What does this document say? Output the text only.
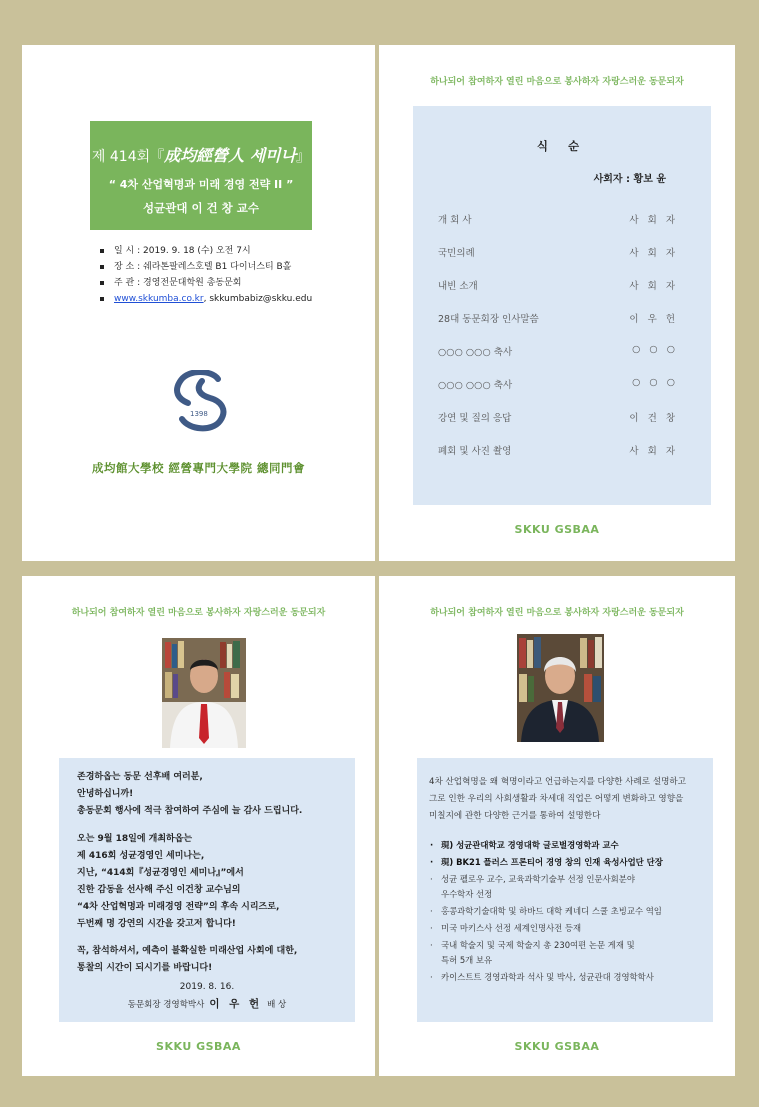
제 414회『成均經營人 세미나』
“ 4차 산업혁명과 미래 경영 전략 II ”
성균관대 이 건 창 교수
일 시 : 2019. 9. 18 (수) 오전 7시
장 소 : 쉐라톤팔레스호텔 B1 다이너스티 B홀
주 관 : 경영전문대학원 총동문회
www.skkumba.co.kr, skkumbabiz@skku.edu
1398
成均館大學校 經營專門大學院 總同門會
하나되어 참여하자 열린 마음으로 봉사하자 자랑스러운 동문되자
식 순
사회자 : 황보 윤
개 회 사	사 회 자
국민의례	사 회 자
내빈 소개	사 회 자
28대 동문회장 인사말씀	이 우 헌
○○○ ○○○ 축사	○ ○ ○
○○○ ○○○ 축사	○ ○ ○
강연 및 질의 응답	이 건 창
폐회 및 사진 촬영	사 회 자
SKKU GSBAA
하나되어 참여하자 열린 마음으로 봉사하자 자랑스러운 동문되자

존경하옵는 동문 선후배 여러분,

안녕하십니까!

총동문회 행사에 적극 참여하여 주심에 늘 감사 드립니다.

오는 9월 18일에 개최하옵는

제 416회 성균경영인 세미나는,

지난, “414회『성균경영인 세미나』”에서

진한 감동을 선사해 주신 이건창 교수님의

“4차 산업혁명과 미래경영 전략”의 후속 시리즈로,

두번째 명 강연의 시간을 갖고저 합니다!

꼭, 참석하셔서, 예측이 불확실한 미래산업 사회에 대한,

통찰의 시간이 되시기를 바랍니다!

2019. 8. 16.
동문회장 경영학박사 이 우 헌 배 상
SKKU GSBAA
하나되어 참여하자 열린 마음으로 봉사하자 자랑스러운 동문되자
4차 산업혁명을 왜 혁명이라고 언급하는지를 다양한 사례로 설명하고
그로 인한 우리의 사회생활과 차세대 직업은 어떻게 변화하고 영향을
미칠지에 관한 다양한 근거를 통하여 설명한다
· 現) 성균관대학교 경영대학 글로벌경영학과 교수
· 現) BK21 플러스 프론티어 경영 창의 인재 육성사업단 단장
· 성균 펠로우 교수, 교육과학기술부 선정 인문사회분야
우수학자 선정
· 홍콩과학기술대학 및 하바드 대학 케네디 스쿨 초빙교수 역임
· 미국 마키스사 선정 세계인명사전 등재
· 국내 학술지 및 국제 학술지 총 230여편 논문 게재 및
특허 5개 보유
· 카이스트트 경영과학과 석사 및 박사, 성균관대 경영학학사
SKKU GSBAA
